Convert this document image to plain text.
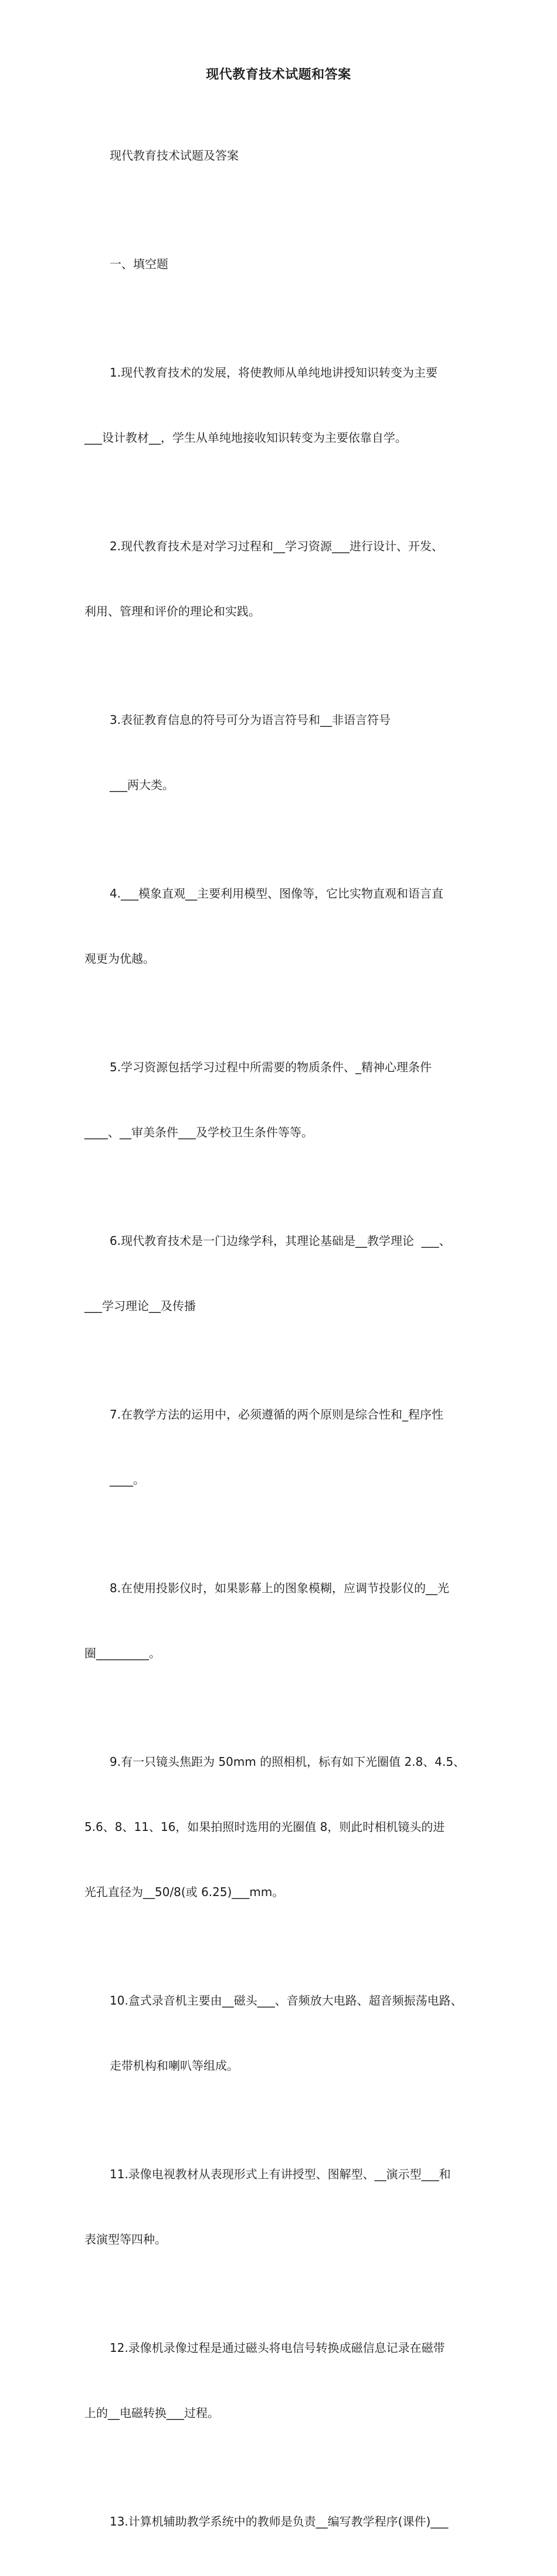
现代教育技术试题和答案

现代教育技术试题及答案

一、填空题

1.现代教育技术的发展，将使教师从单纯地讲授知识转变为主要

___设计教材__，学生从单纯地接收知识转变为主要依靠自学。

2.现代教育技术是对学习过程和__学习资源___进行设计、开发、

利用、管理和评价的理论和实践。

3.表征教育信息的符号可分为语言符号和__非语言符号

___两大类。

4.___模象直观__主要利用模型、图像等，它比实物直观和语言直

观更为优越。

5.学习资源包括学习过程中所需要的物质条件、_精神心理条件

____、__审美条件___及学校卫生条件等等。

6.现代教育技术是一门边缘学科，其理论基础是__教学理论  ___、

___学习理论__及传播

7.在教学方法的运用中，必须遵循的两个原则是综合性和_程序性

____。

8.在使用投影仪时，如果影幕上的图象模糊，应调节投影仪的__光

圈_________。

9.有一只镜头焦距为 50mm 的照相机，标有如下光圈值 2.8、4.5、

5.6、8、11、16，如果拍照时选用的光圈值 8，则此时相机镜头的进

光孔直径为__50/8(或 6.25)___mm。

10.盒式录音机主要由__磁头___、音频放大电路、超音频振荡电路、

走带机构和喇叭等组成。

11.录像电视教材从表现形式上有讲授型、图解型、__演示型___和

表演型等四种。

12.录像机录像过程是通过磁头将电信号转换成磁信息记录在磁带

上的__电磁转换___过程。

13.计算机辅助教学系统中的教师是负责__编写教学程序(课件)___
